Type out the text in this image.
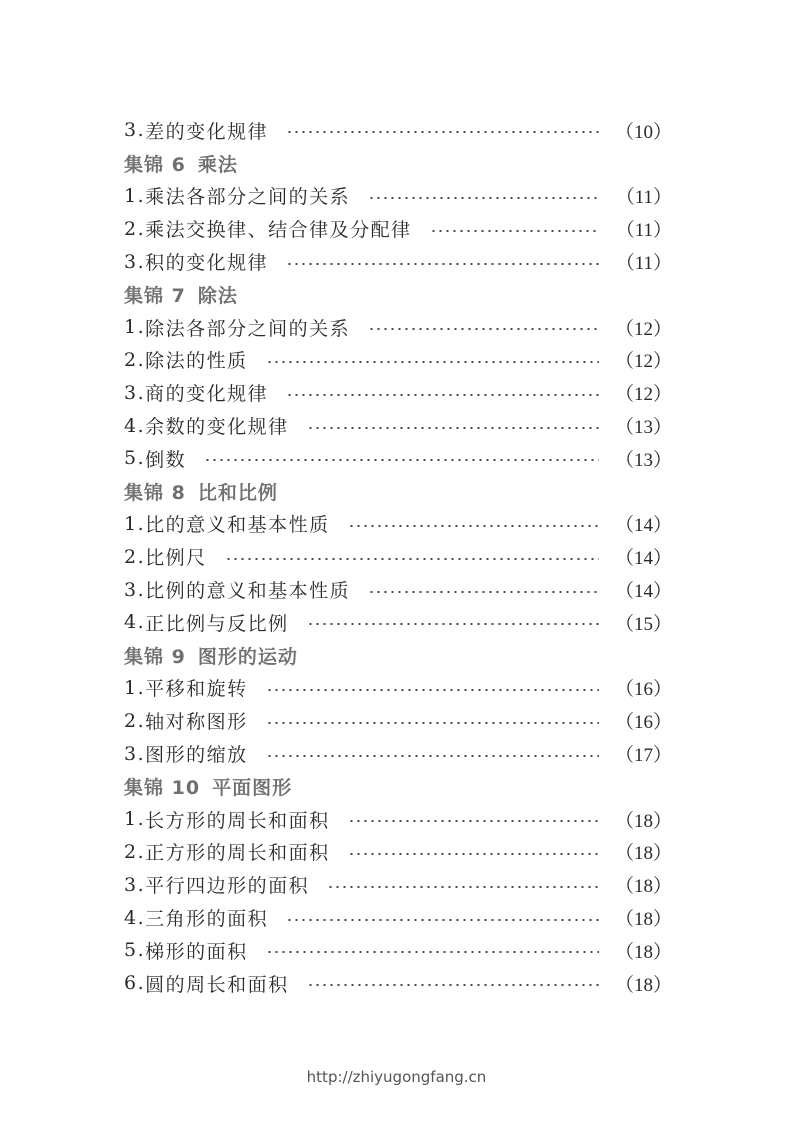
3. 差的变化规律	（10）
集锦 6 乘法
1. 乘法各部分之间的关系	（11）
2. 乘法交换律、结合律及分配律	（11）
3. 积的变化规律	（11）
集锦 7 除法
1. 除法各部分之间的关系	（12）
2. 除法的性质	（12）
3. 商的变化规律	（12）
4. 余数的变化规律	（13）
5. 倒数	（13）
集锦 8 比和比例
1. 比的意义和基本性质	（14）
2. 比例尺	（14）
3. 比例的意义和基本性质	（14）
4. 正比例与反比例	（15）
集锦 9 图形的运动
1. 平移和旋转	（16）
2. 轴对称图形	（16）
3. 图形的缩放	（17）
集锦 10 平面图形
1. 长方形的周长和面积	（18）
2. 正方形的周长和面积	（18）
3. 平行四边形的面积	（18）
4. 三角形的面积	（18）
5. 梯形的面积	（18）
6. 圆的周长和面积	（18）
http://zhiyugongfang.cn
